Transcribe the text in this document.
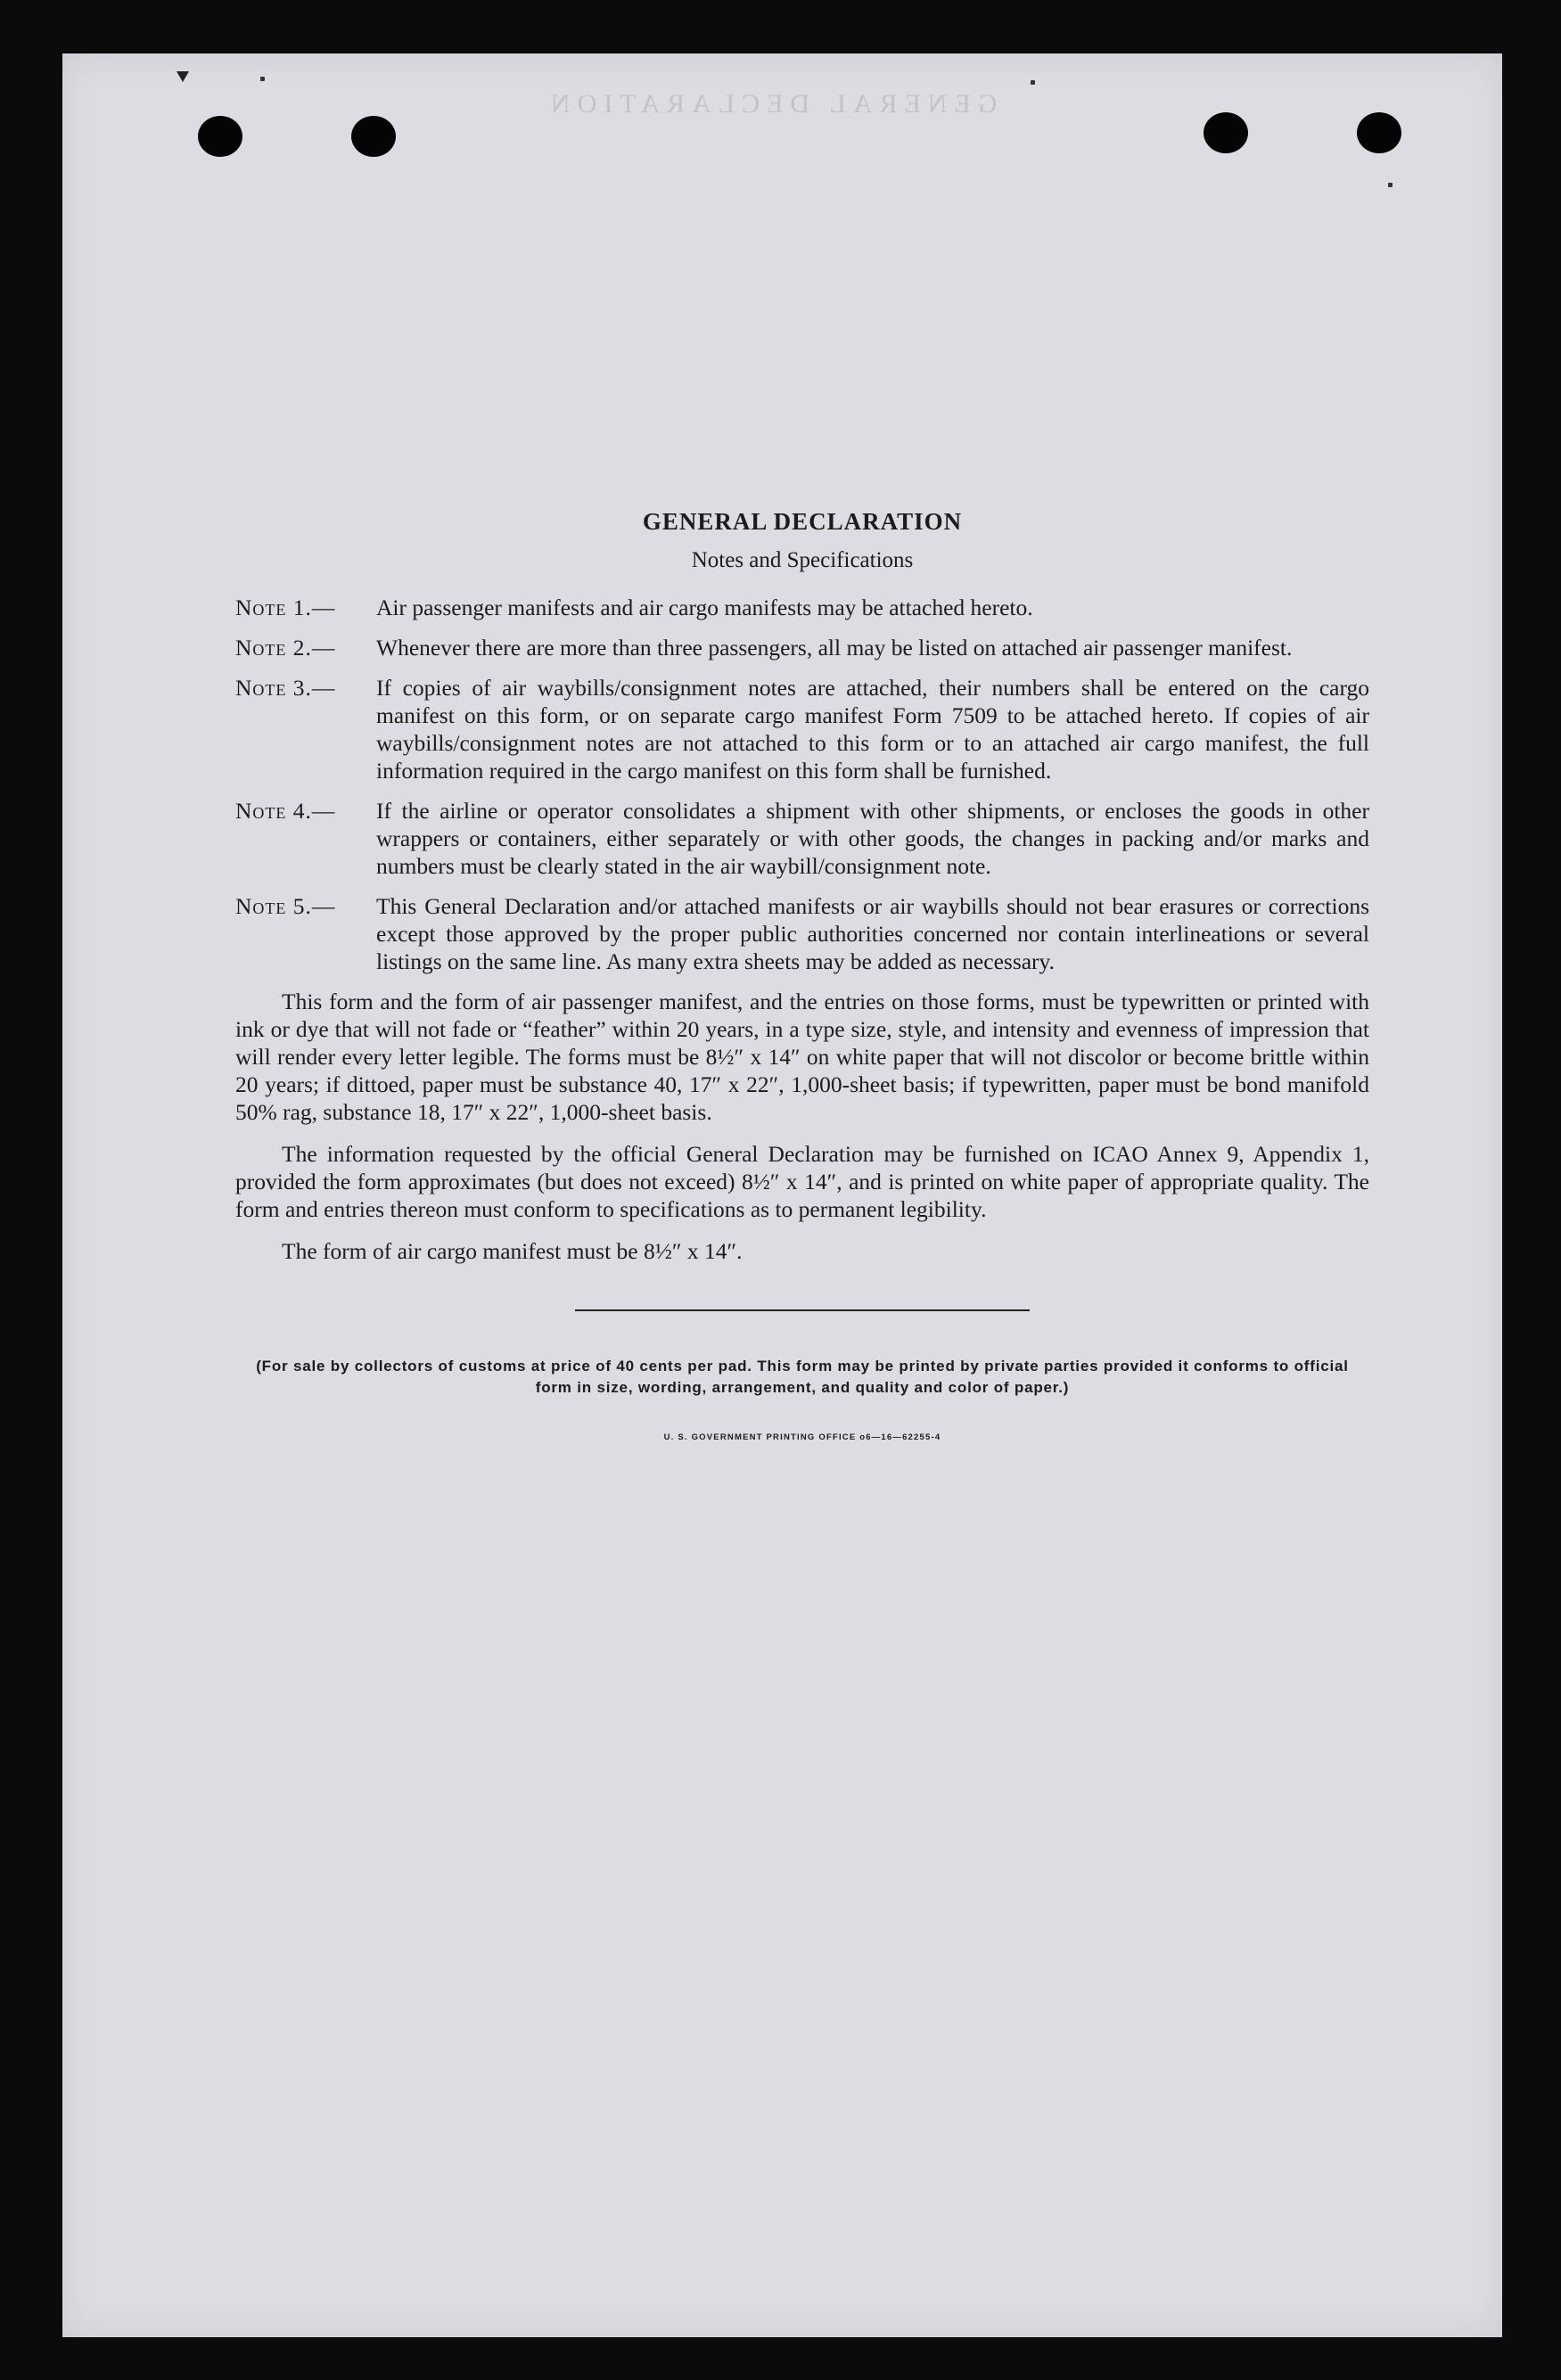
GENERAL DECLARATION
GENERAL DECLARATION
Notes and Specifications
Note 1.—	Air passenger manifests and air cargo manifests may be attached hereto.
Note 2.—	Whenever there are more than three passengers, all may be listed on attached air passenger manifest.
Note 3.—	If copies of air waybills/consignment notes are attached, their numbers shall be entered on the cargo manifest on this form, or on separate cargo manifest Form 7509 to be attached hereto. If copies of air waybills/consignment notes are not attached to this form or to an attached air cargo manifest, the full information required in the cargo manifest on this form shall be furnished.
Note 4.—	If the airline or operator consolidates a shipment with other shipments, or encloses the goods in other wrappers or containers, either separately or with other goods, the changes in packing and/or marks and numbers must be clearly stated in the air waybill/consignment note.
Note 5.—	This General Declaration and/or attached manifests or air waybills should not bear erasures or corrections except those approved by the proper public authorities concerned nor contain interlineations or several listings on the same line. As many extra sheets may be added as necessary.
This form and the form of air passenger manifest, and the entries on those forms, must be typewritten or printed with ink or dye that will not fade or “feather” within 20 years, in a type size, style, and intensity and evenness of impression that will render every letter legible. The forms must be 8½″ x 14″ on white paper that will not discolor or become brittle within 20 years; if dittoed, paper must be substance 40, 17″ x 22″, 1,000-sheet basis; if typewritten, paper must be bond manifold 50% rag, substance 18, 17″ x 22″, 1,000-sheet basis.
The information requested by the official General Declaration may be furnished on ICAO Annex 9, Appendix 1, provided the form approximates (but does not exceed) 8½″ x 14″, and is printed on white paper of appropriate quality. The form and entries thereon must conform to specifications as to permanent legibility.
The form of air cargo manifest must be 8½″ x 14″.
(For sale by collectors of customs at price of 40 cents per pad. This form may be printed by private parties provided it conforms to official form in size, wording, arrangement, and quality and color of paper.)
U. S. GOVERNMENT PRINTING OFFICE o6—16—62255-4
